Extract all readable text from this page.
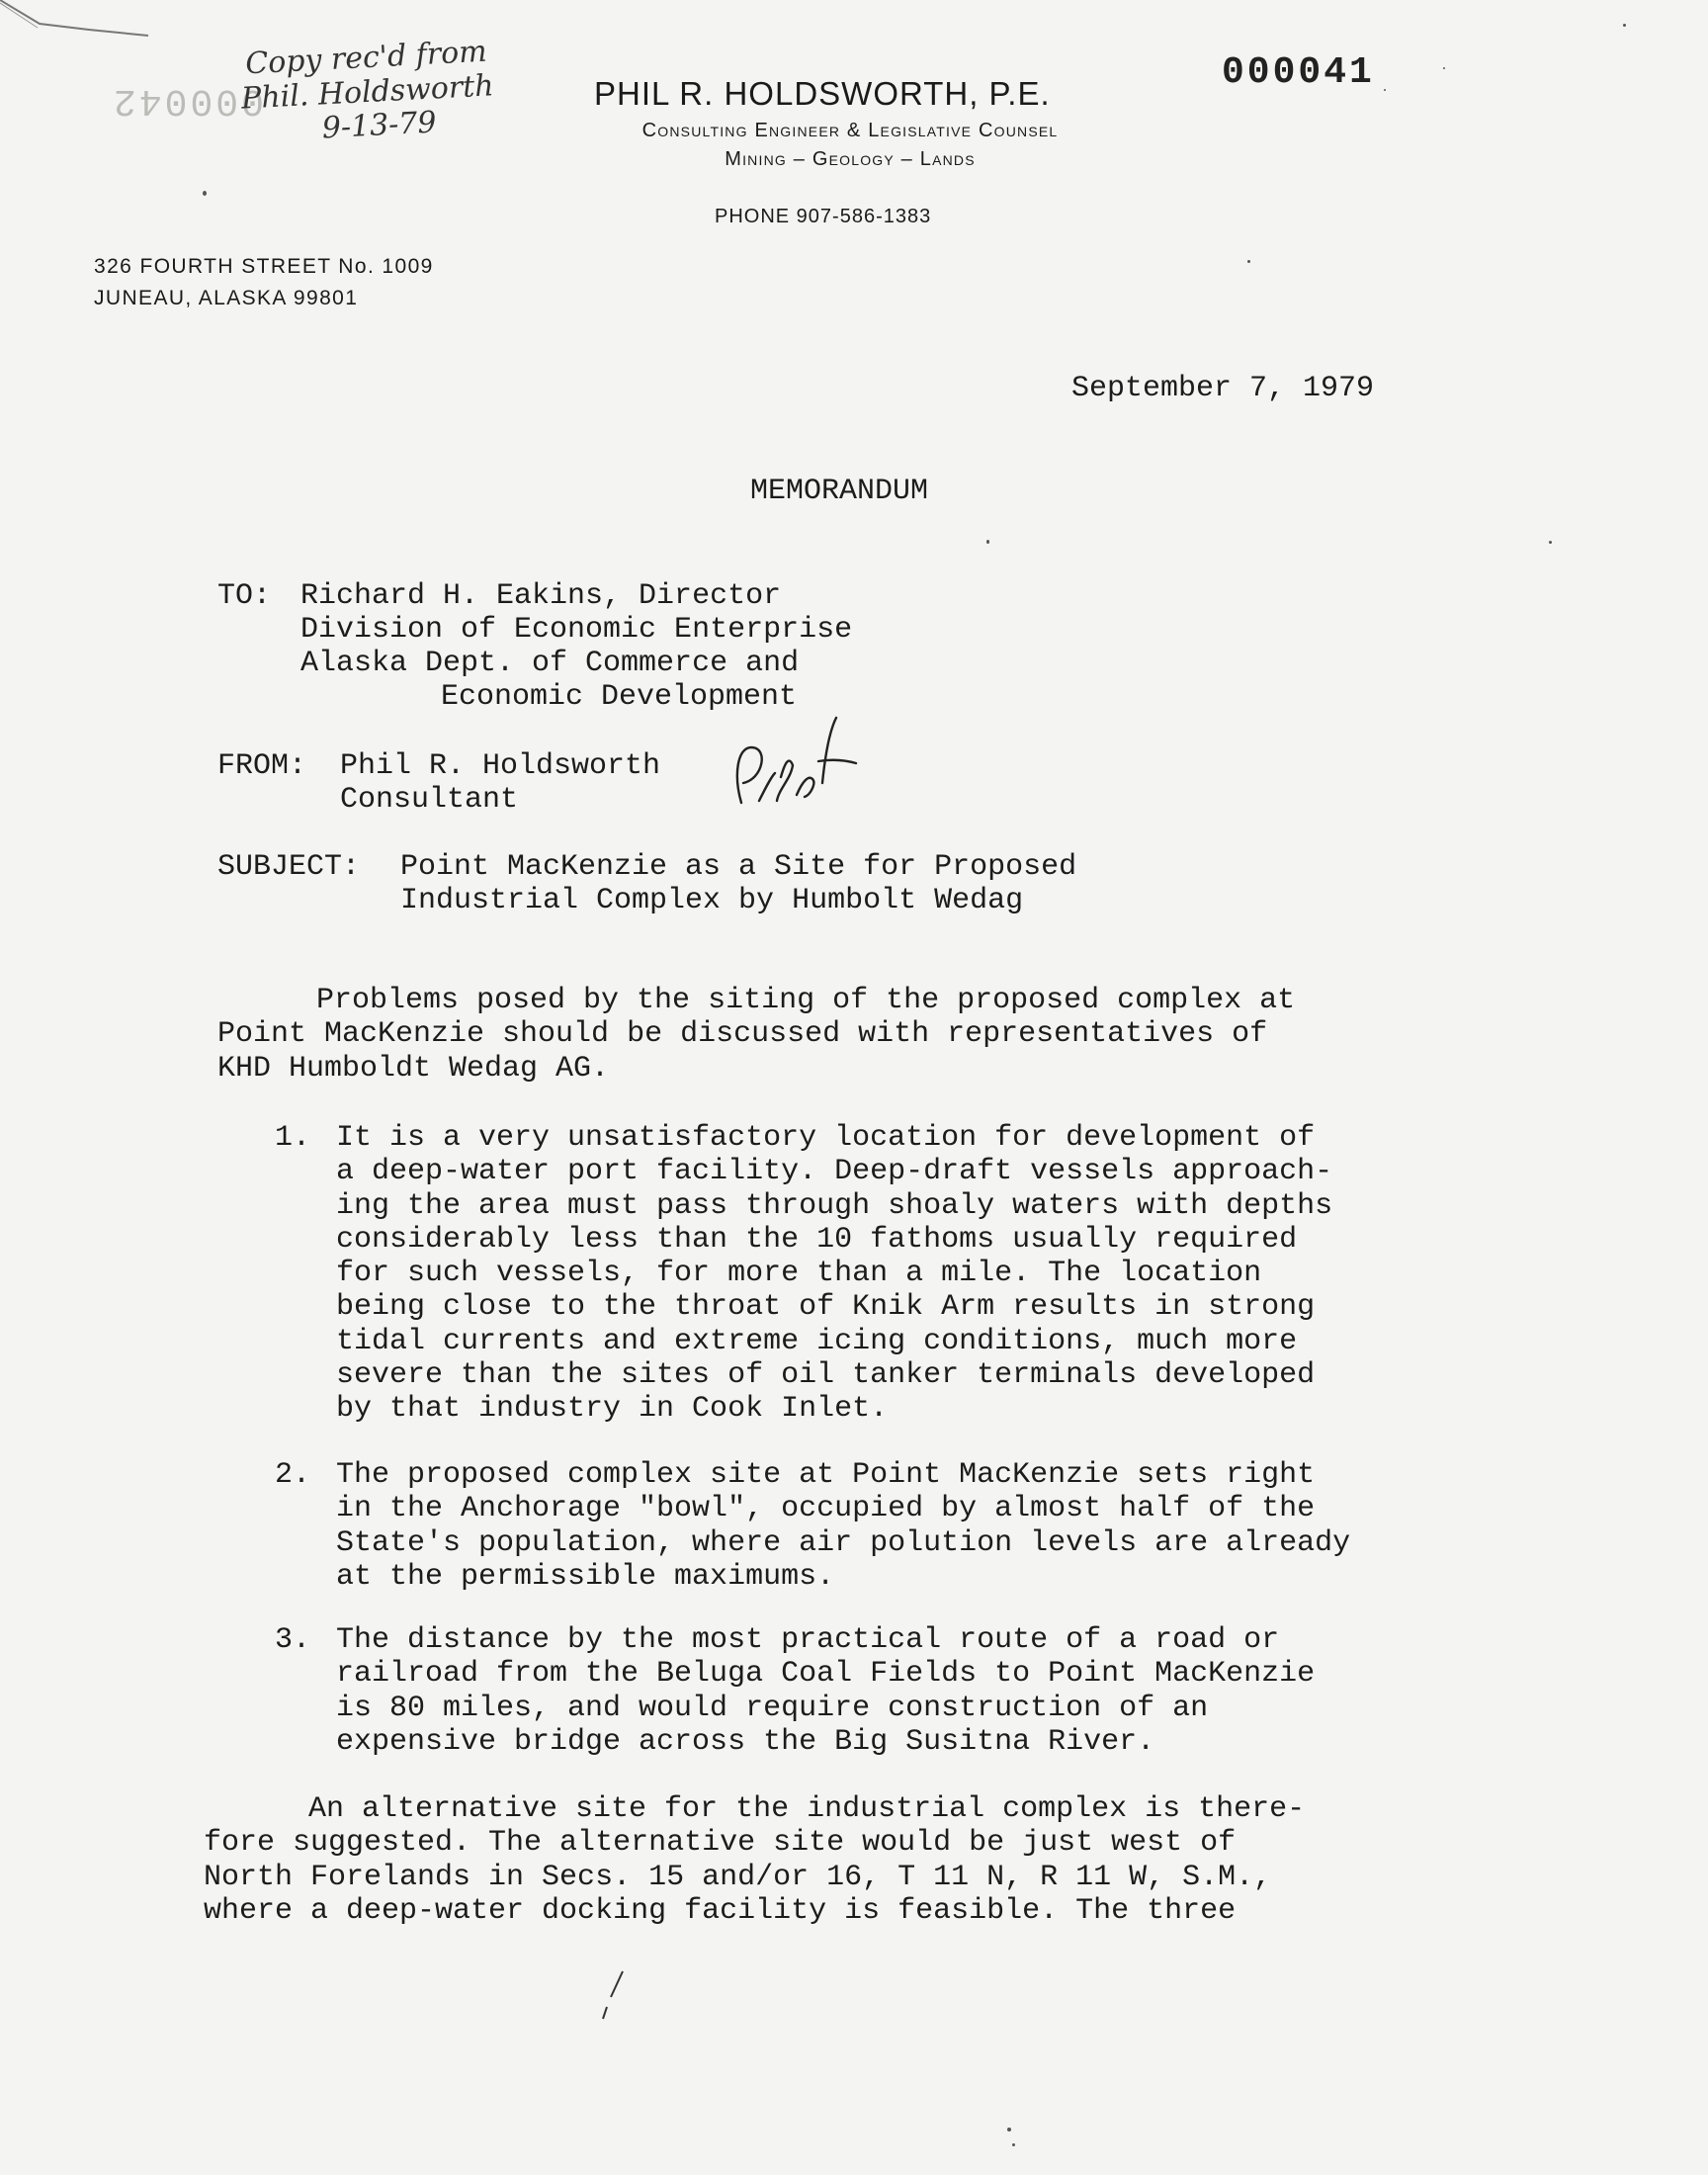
000042
Copy rec'd from
Phil. Holdsworth
9-13-79
000041
PHIL R. HOLDSWORTH, P.E.
Consulting Engineer & Legislative Counsel
Mining – Geology – Lands
PHONE 907-586-1383
326 FOURTH STREET No. 1009
JUNEAU, ALASKA 99801
September 7, 1979
MEMORANDUM
TO: Richard H. Eakins, Director
Division of Economic Enterprise
Alaska Dept. of Commerce and
Economic Development
FROM: Phil R. Holdsworth
Consultant
SUBJECT: Point MacKenzie as a Site for Proposed
Industrial Complex by Humbolt Wedag
Problems posed by the siting of the proposed complex at
Point MacKenzie should be discussed with representatives of
KHD Humboldt Wedag AG.
1. It is a very unsatisfactory location for development of
a deep-water port facility. Deep-draft vessels approach-
ing the area must pass through shoaly waters with depths
considerably less than the 10 fathoms usually required
for such vessels, for more than a mile. The location
being close to the throat of Knik Arm results in strong
tidal currents and extreme icing conditions, much more
severe than the sites of oil tanker terminals developed
by that industry in Cook Inlet.
2. The proposed complex site at Point MacKenzie sets right
in the Anchorage "bowl", occupied by almost half of the
State's population, where air polution levels are already
at the permissible maximums.
3. The distance by the most practical route of a road or
railroad from the Beluga Coal Fields to Point MacKenzie
is 80 miles, and would require construction of an
expensive bridge across the Big Susitna River.
An alternative site for the industrial complex is there-
fore suggested. The alternative site would be just west of
North Forelands in Secs. 15 and/or 16, T 11 N, R 11 W, S.M.,
where a deep-water docking facility is feasible. The three
